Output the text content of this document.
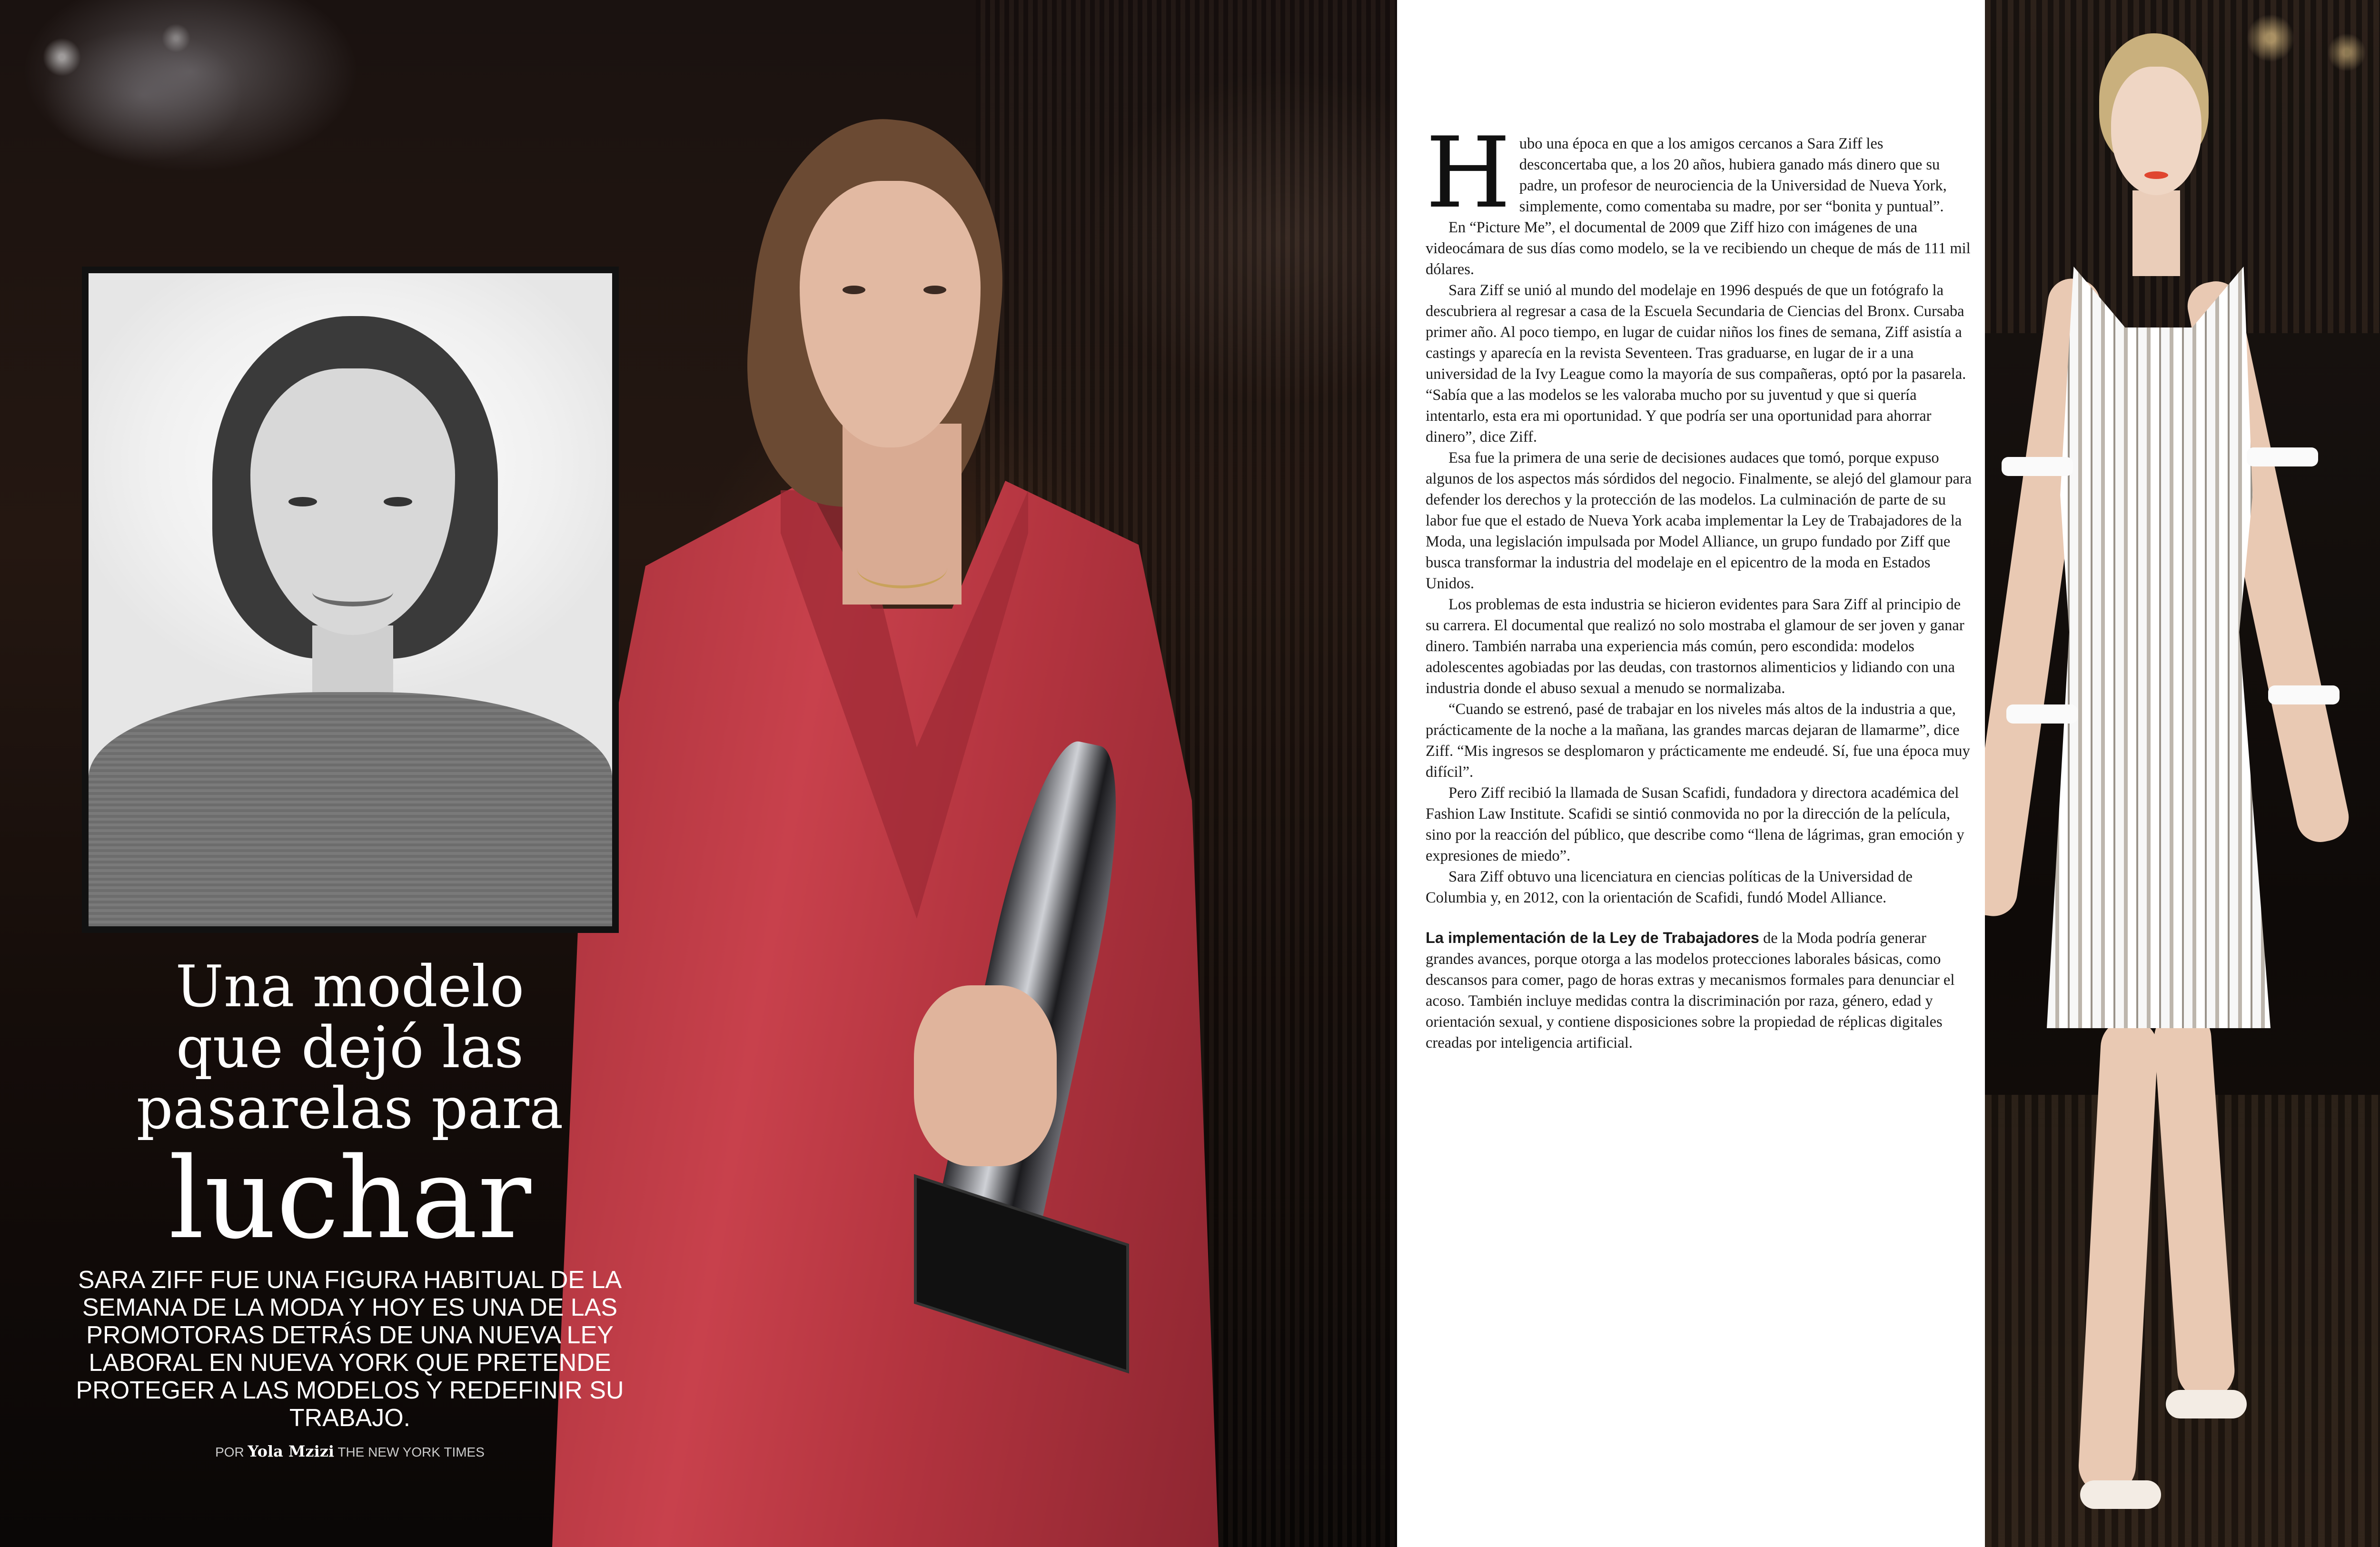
Una modelo
que dejó las
pasarelas para
luchar
SARA ZIFF FUE UNA FIGURA HABITUAL DE LA SEMANA DE LA MODA Y HOY ES UNA DE LAS PROMOTORAS DETRÁS DE UNA NUEVA LEY LABORAL EN NUEVA YORK QUE PRETENDE PROTEGER A LAS MODELOS Y REDEFINIR SU TRABAJO.
POR Yola Mzizi THE NEW YORK TIMES

Hubo una época en que a los amigos cercanos a Sara Ziff les desconcertaba que, a los 20 años, hubiera ganado más dinero que su padre, un profesor de neurociencia de la Universidad de Nueva York, simplemente, como comentaba su madre, por ser “bonita y puntual”.

En “Picture Me”, el documental de 2009 que Ziff hizo con imágenes de una videocámara de sus días como modelo, se la ve recibiendo un cheque de más de 111 mil dólares.

Sara Ziff se unió al mundo del modelaje en 1996 después de que un fotógrafo la descubriera al regresar a casa de la Escuela Secundaria de Ciencias del Bronx. Cursaba primer año. Al poco tiempo, en lugar de cuidar niños los fines de semana, Ziff asistía a castings y aparecía en la revista Seventeen. Tras graduarse, en lugar de ir a una universidad de la Ivy League como la mayoría de sus compañeras, optó por la pasarela. “Sabía que a las modelos se les valoraba mucho por su juventud y que si quería intentarlo, esta era mi oportunidad. Y que podría ser una oportunidad para ahorrar dinero”, dice Ziff.

Esa fue la primera de una serie de decisiones audaces que tomó, porque expuso algunos de los aspectos más sórdidos del negocio. Finalmente, se alejó del glamour para defender los derechos y la protección de las modelos. La culminación de parte de su labor fue que el estado de Nueva York acaba implementar la Ley de Trabajadores de la Moda, una legislación impulsada por Model Alliance, un grupo fundado por Ziff que busca transformar la industria del modelaje en el epicentro de la moda en Estados Unidos.

Los problemas de esta industria se hicieron evidentes para Sara Ziff al principio de su carrera. El documental que realizó no solo mostraba el glamour de ser joven y ganar dinero. También narraba una experiencia más común, pero escondida: modelos adolescentes agobiadas por las deudas, con trastornos alimenticios y lidiando con una industria donde el abuso sexual a menudo se normalizaba.

“Cuando se estrenó, pasé de trabajar en los niveles más altos de la industria a que, prácticamente de la noche a la mañana, las grandes marcas dejaran de llamarme”, dice Ziff. “Mis ingresos se desplomaron y prácticamente me endeudé. Sí, fue una época muy difícil”.

Pero Ziff recibió la llamada de Susan Scafidi, fundadora y directora académica del Fashion Law Institute. Scafidi se sintió conmovida no por la dirección de la película, sino por la reacción del público, que describe como “llena de lágrimas, gran emoción y expresiones de miedo”.

Sara Ziff obtuvo una licenciatura en ciencias políticas de la Universidad de Columbia y, en 2012, con la orientación de Scafidi, fundó Model Alliance.

La implementación de la Ley de Trabajadores de la Moda podría generar grandes avances, porque otorga a las modelos protecciones laborales básicas, como descansos para comer, pago de horas extras y mecanismos formales para denunciar el acoso. También incluye medidas contra la discriminación por raza, género, edad y orientación sexual, y contiene disposiciones sobre la propiedad de réplicas digitales creadas por inteligencia artificial.
